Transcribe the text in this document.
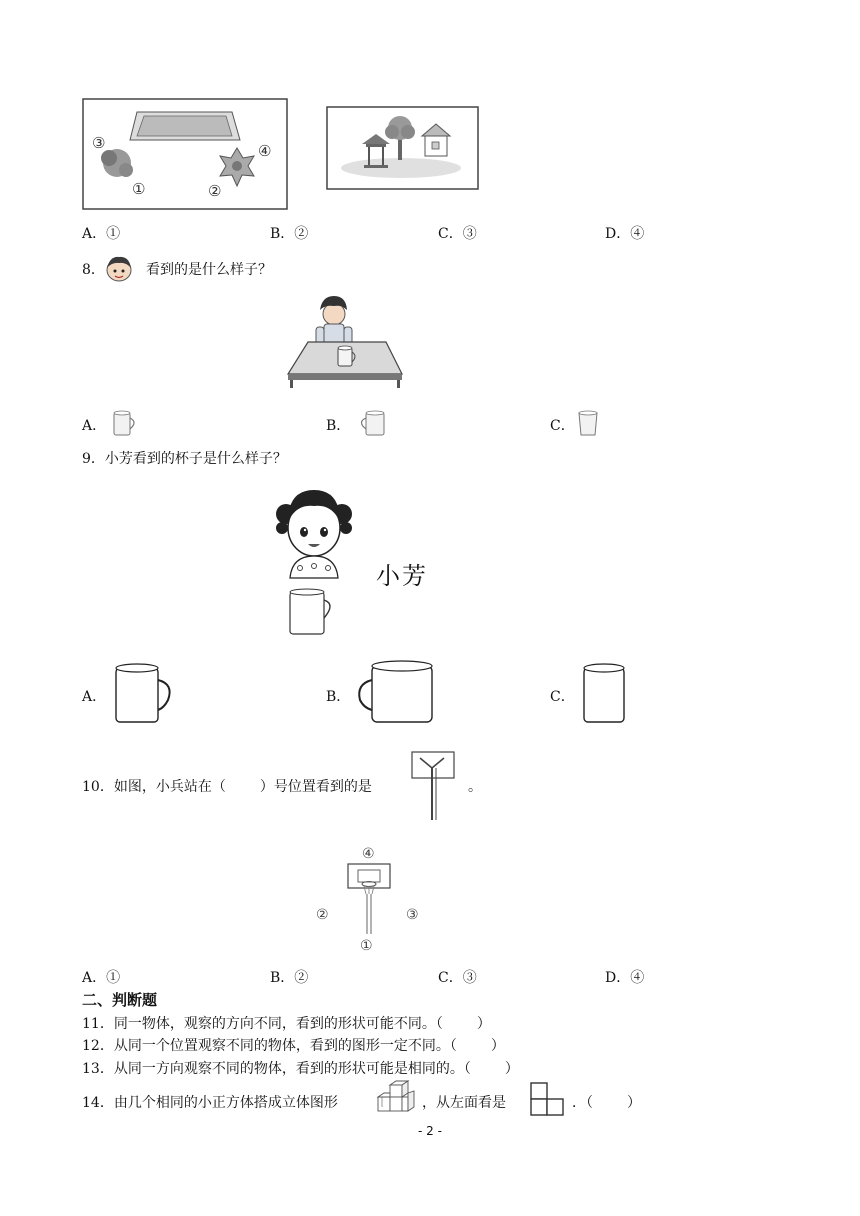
③
①	②
④
A．①	B．②	C．③	D．④
8．	看到的是什么样子？
A．	B．	C．
9．小芳看到的杯子是什么样子？
小芳
A．	B．	C．
10．如图，小兵站在（ ）号位置看到的是	。
④
②	③
①
A．①	B．②	C．③	D．④
二、判断题
11．同一物体，观察的方向不同，看到的形状可能不同。（ ）
12．从同一个位置观察不同的物体，看到的图形一定不同。（ ）
13．从同一方向观察不同的物体，看到的形状可能是相同的。（ ）
14．由几个相同的小正方体搭成立体图形	，从左面看是	．（ ）
- 2 -
